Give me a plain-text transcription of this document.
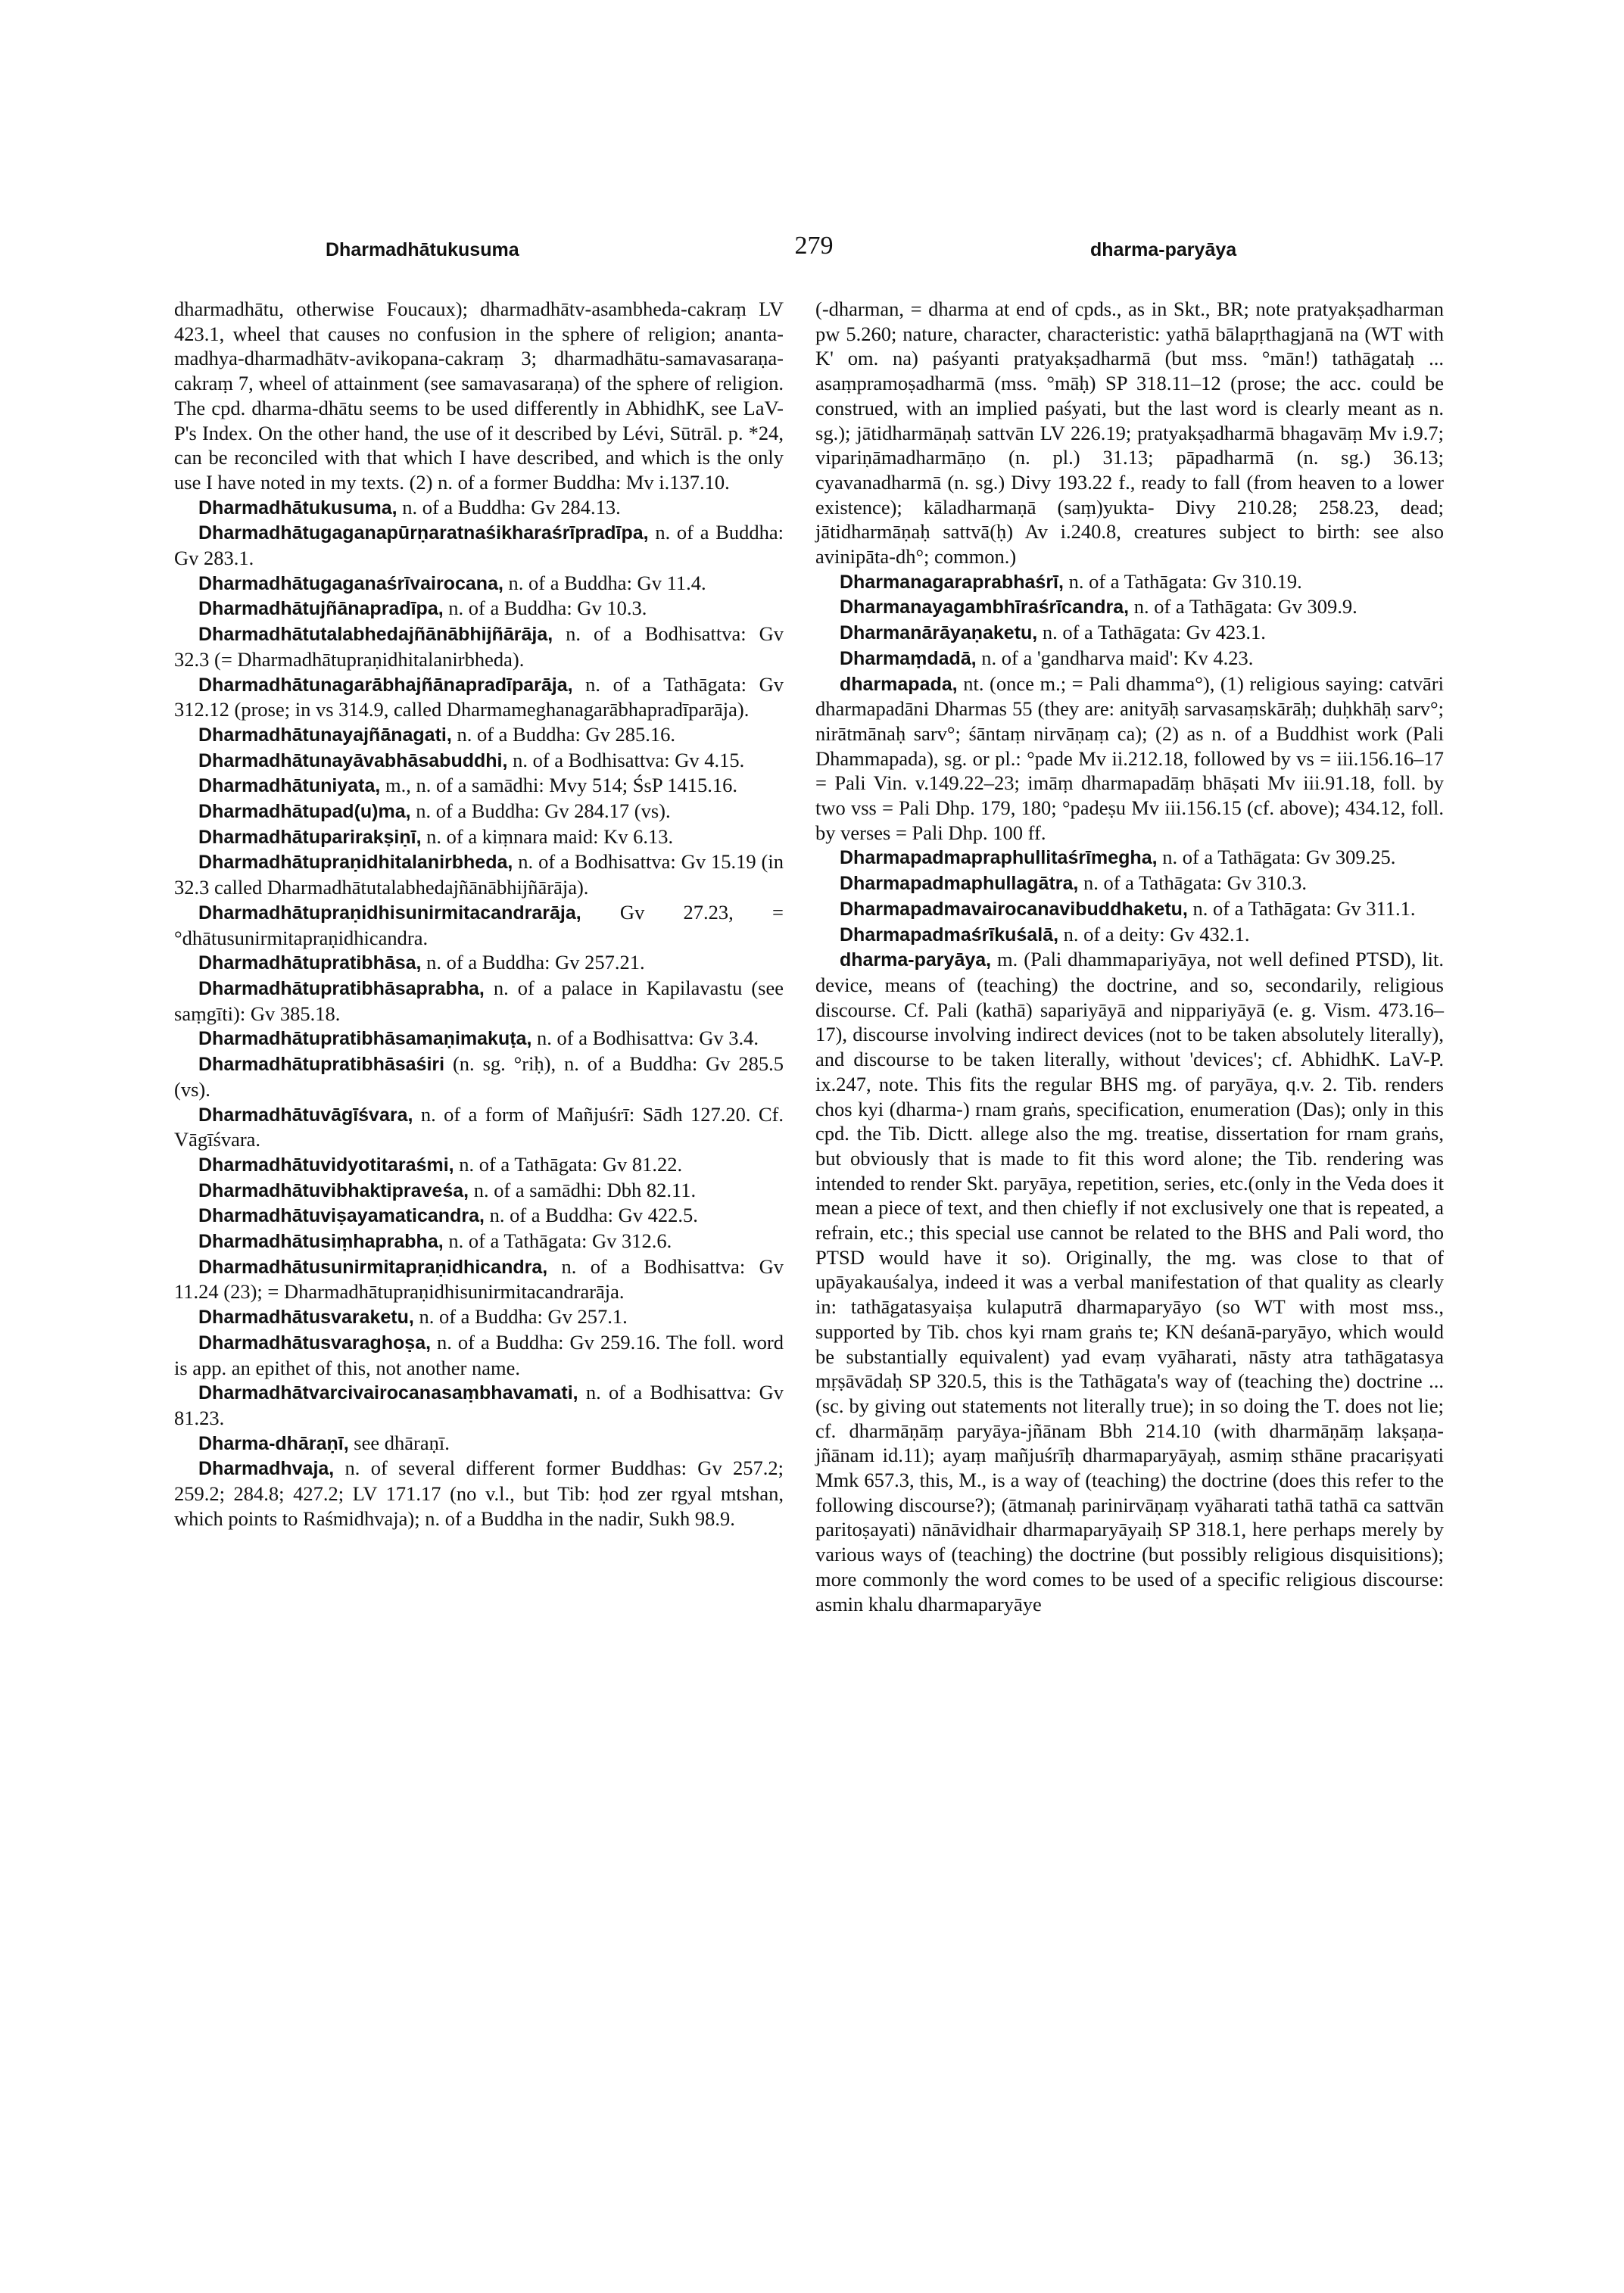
Dharmadhātukusuma	279	dharma-paryāya

dharmadhātu, otherwise Foucaux); dharmadhātv-asambheda-cakraṃ LV 423.1, wheel that causes no confusion in the sphere of religion; ananta-madhya-dharmadhātv-avikopana-cakraṃ 3; dharmadhātu-samavasaraṇa-cakraṃ 7, wheel of attainment (see samavasaraṇa) of the sphere of religion. The cpd. dharma-dhātu seems to be used differently in AbhidhK, see LaV-P's Index. On the other hand, the use of it described by Lévi, Sūtrāl. p. *24, can be reconciled with that which I have described, and which is the only use I have noted in my texts. (2) n. of a former Buddha: Mv i.137.10.

Dharmadhātukusuma, n. of a Buddha: Gv 284.13.

Dharmadhātugaganapūrṇaratnaśikharaśrīpradīpa, n. of a Buddha: Gv 283.1.

Dharmadhātugaganaśrīvairocana, n. of a Buddha: Gv 11.4.

Dharmadhātujñānapradīpa, n. of a Buddha: Gv 10.3.

Dharmadhātutalabhedajñānābhijñārāja, n. of a Bodhisattva: Gv 32.3 (= Dharmadhātupraṇidhitalanirbheda).

Dharmadhātunagarābhajñānapradīparāja, n. of a Tathāgata: Gv 312.12 (prose; in vs 314.9, called Dharmameghanagarābhapradīparāja).

Dharmadhātunayajñānagati, n. of a Buddha: Gv 285.16.

Dharmadhātunayāvabhāsabuddhi, n. of a Bodhisattva: Gv 4.15.

Dharmadhātuniyata, m., n. of a samādhi: Mvy 514; ŚsP 1415.16.

Dharmadhātupad(u)ma, n. of a Buddha: Gv 284.17 (vs).

Dharmadhātuparirakṣiṇī, n. of a kiṃnara maid: Kv 6.13.

Dharmadhātupraṇidhitalanirbheda, n. of a Bodhisattva: Gv 15.19 (in 32.3 called Dharmadhātutalabhedajñānābhijñārāja).

Dharmadhātupraṇidhisunirmitacandrarāja, Gv 27.23, = °dhātusunirmitapraṇidhicandra.

Dharmadhātupratibhāsa, n. of a Buddha: Gv 257.21.

Dharmadhātupratibhāsaprabha, n. of a palace in Kapilavastu (see saṃgīti): Gv 385.18.

Dharmadhātupratibhāsamaṇimakuṭa, n. of a Bodhisattva: Gv 3.4.

Dharmadhātupratibhāsaśiri (n. sg. °riḥ), n. of a Buddha: Gv 285.5 (vs).

Dharmadhātuvāgīśvara, n. of a form of Mañjuśrī: Sādh 127.20. Cf. Vāgīśvara.

Dharmadhātuvidyotitaraśmi, n. of a Tathāgata: Gv 81.22.

Dharmadhātuvibhaktipraveśa, n. of a samādhi: Dbh 82.11.

Dharmadhātuviṣayamaticandra, n. of a Buddha: Gv 422.5.

Dharmadhātusiṃhaprabha, n. of a Tathāgata: Gv 312.6.

Dharmadhātusunirmitapraṇidhicandra, n. of a Bodhisattva: Gv 11.24 (23); = Dharmadhātupraṇidhisunirmitacandrarāja.

Dharmadhātusvaraketu, n. of a Buddha: Gv 257.1.

Dharmadhātusvaraghoṣa, n. of a Buddha: Gv 259.16. The foll. word is app. an epithet of this, not another name.

Dharmadhātvarcivairocanasaṃbhavamati, n. of a Bodhisattva: Gv 81.23.

Dharma-dhāraṇī, see dhāraṇī.

Dharmadhvaja, n. of several different former Buddhas: Gv 257.2; 259.2; 284.8; 427.2; LV 171.17 (no v.l., but Tib: ḥod zer rgyal mtshan, which points to Raśmidhvaja); n. of a Buddha in the nadir, Sukh 98.9.

(-dharman, = dharma at end of cpds., as in Skt., BR; note pratyakṣadharman pw 5.260; nature, character, characteristic: yathā bālapṛthagjanā na (WT with K' om. na) paśyanti pratyakṣadharmā (but mss. °mān!) tathāgataḥ ... asaṃpramoṣadharmā (mss. °māḥ) SP 318.11–12 (prose; the acc. could be construed, with an implied paśyati, but the last word is clearly meant as n. sg.); jātidharmāṇaḥ sattvān LV 226.19; pratyakṣadharmā bhagavāṃ Mv i.9.7; vipariṇāmadharmāṇo (n. pl.) 31.13; pāpadharmā (n. sg.) 36.13; cyavanadharmā (n. sg.) Divy 193.22 f., ready to fall (from heaven to a lower existence); kāladharmaṇā (saṃ)yukta- Divy 210.28; 258.23, dead; jātidharmāṇaḥ sattvā(ḥ) Av i.240.8, creatures subject to birth: see also avinipāta-dh°; common.)

Dharmanagaraprabhaśrī, n. of a Tathāgata: Gv 310.19.

Dharmanayagambhīraśrīcandra, n. of a Tathāgata: Gv 309.9.

Dharmanārāyaṇaketu, n. of a Tathāgata: Gv 423.1.

Dharmaṃdadā, n. of a 'gandharva maid': Kv 4.23.

dharmapada, nt. (once m.; = Pali dhamma°), (1) religious saying: catvāri dharmapadāni Dharmas 55 (they are: anityāḥ sarvasaṃskārāḥ; duḥkhāḥ sarv°; nirātmānaḥ sarv°; śāntaṃ nirvāṇaṃ ca); (2) as n. of a Buddhist work (Pali Dhammapada), sg. or pl.: °pade Mv ii.212.18, followed by vs = iii.156.16–17 = Pali Vin. v.149.22–23; imāṃ dharmapadāṃ bhāṣati Mv iii.91.18, foll. by two vss = Pali Dhp. 179, 180; °padeṣu Mv iii.156.15 (cf. above); 434.12, foll. by verses = Pali Dhp. 100 ff.

Dharmapadmapraphullitaśrīmegha, n. of a Tathāgata: Gv 309.25.

Dharmapadmaphullagātra, n. of a Tathāgata: Gv 310.3.

Dharmapadmavairocanavibuddhaketu, n. of a Tathāgata: Gv 311.1.

Dharmapadmaśrīkuśalā, n. of a deity: Gv 432.1.

dharma-paryāya, m. (Pali dhammapariyāya, not well defined PTSD), lit. device, means of (teaching) the doctrine, and so, secondarily, religious discourse. Cf. Pali (kathā) sapariyāyā and nippariyāyā (e. g. Vism. 473.16–17), discourse involving indirect devices (not to be taken absolutely literally), and discourse to be taken literally, without 'devices'; cf. AbhidhK. LaV-P. ix.247, note. This fits the regular BHS mg. of paryāya, q.v. 2. Tib. renders chos kyi (dharma-) rnam graṅs, specification, enumeration (Das); only in this cpd. the Tib. Dictt. allege also the mg. treatise, dissertation for rnam graṅs, but obviously that is made to fit this word alone; the Tib. rendering was intended to render Skt. paryāya, repetition, series, etc.(only in the Veda does it mean a piece of text, and then chiefly if not exclusively one that is repeated, a refrain, etc.; this special use cannot be related to the BHS and Pali word, tho PTSD would have it so). Originally, the mg. was close to that of upāyakauśalya, indeed it was a verbal manifestation of that quality as clearly in: tathāgatasyaiṣa kulaputrā dharmaparyāyo (so WT with most mss., supported by Tib. chos kyi rnam graṅs te; KN deśanā-paryāyo, which would be substantially equivalent) yad evaṃ vyāharati, nāsty atra tathāgatasya mṛṣāvādaḥ SP 320.5, this is the Tathāgata's way of (teaching the) doctrine ... (sc. by giving out statements not literally true); in so doing the T. does not lie; cf. dharmāṇāṃ paryāya-jñānam Bbh 214.10 (with dharmāṇāṃ lakṣaṇa-jñānam id.11); ayaṃ mañjuśrīḥ dharmaparyāyaḥ, asmiṃ sthāne pracariṣyati Mmk 657.3, this, M., is a way of (teaching) the doctrine (does this refer to the following discourse?); (ātmanaḥ parinirvāṇaṃ vyāharati tathā tathā ca sattvān paritoṣayati) nānāvidhair dharmaparyāyaiḥ SP 318.1, here perhaps merely by various ways of (teaching) the doctrine (but possibly religious disquisitions); more commonly the word comes to be used of a specific religious discourse: asmin khalu dharmaparyāye
